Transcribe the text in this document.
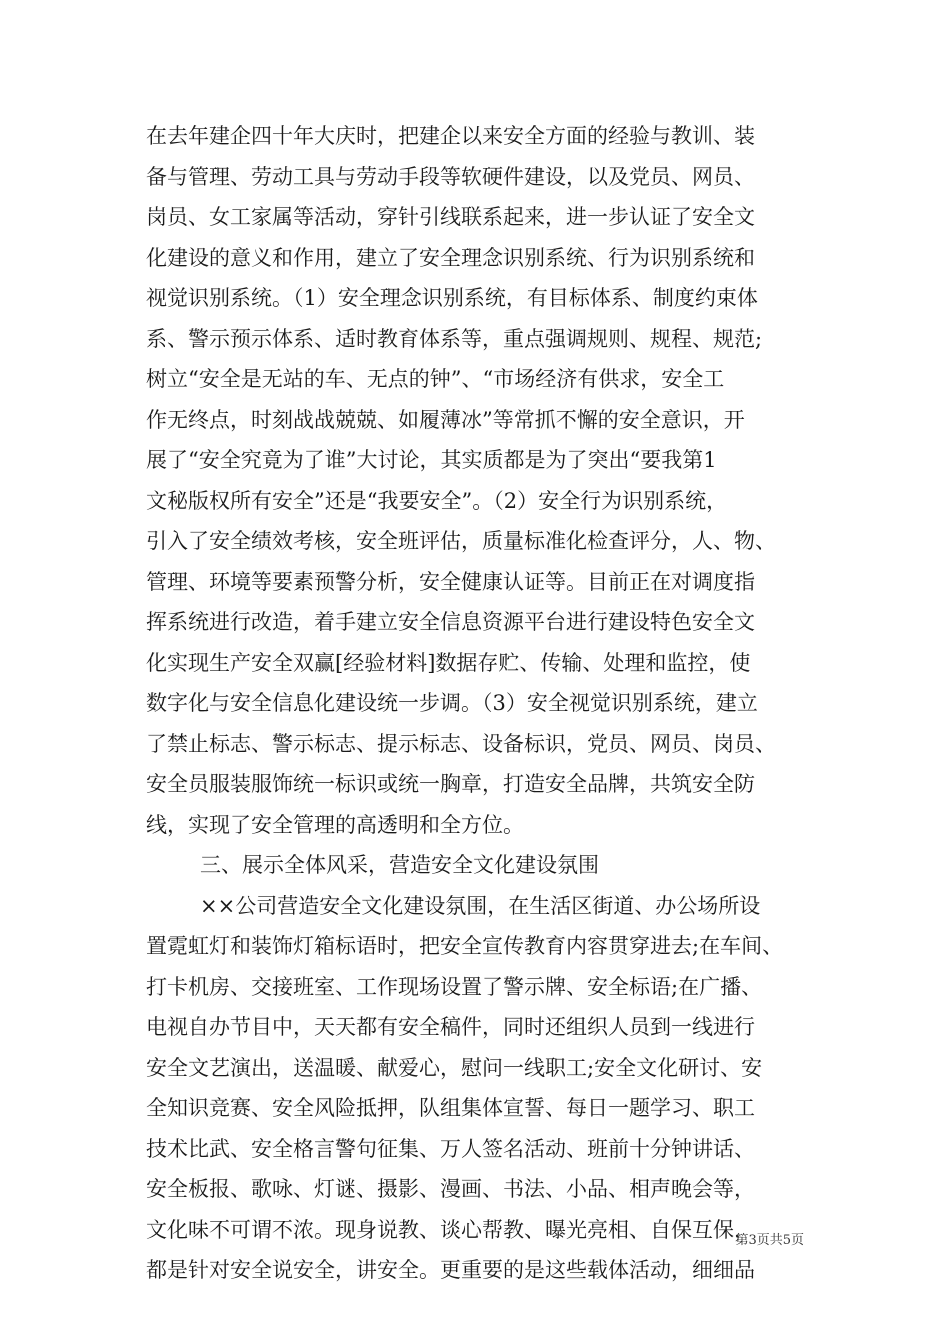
在去年建企四十年大庆时，把建企以来安全方面的经验与教训、装
备与管理、劳动工具与劳动手段等软硬件建设，以及党员、网员、
岗员、女工家属等活动，穿针引线联系起来，进一步认证了安全文
化建设的意义和作用，建立了安全理念识别系统、行为识别系统和
视觉识别系统。（1）安全理念识别系统，有目标体系、制度约束体
系、警示预示体系、适时教育体系等，重点强调规则、规程、规范;
树立“安全是无站的车、无点的钟”、“市场经济有供求，安全工
作无终点，时刻战战兢兢、如履薄冰”等常抓不懈的安全意识，开
展了“安全究竟为了谁”大讨论，其实质都是为了突出“要我第1
文秘版权所有安全”还是“我要安全”。（2）安全行为识别系统，
引入了安全绩效考核，安全班评估，质量标准化检查评分，人、物、
管理、环境等要素预警分析，安全健康认证等。目前正在对调度指
挥系统进行改造，着手建立安全信息资源平台进行建设特色安全文
化实现生产安全双赢[经验材料]数据存贮、传输、处理和监控，使
数字化与安全信息化建设统一步调。（3）安全视觉识别系统，建立
了禁止标志、警示标志、提示标志、设备标识，党员、网员、岗员、
安全员服装服饰统一标识或统一胸章，打造安全品牌，共筑安全防
线，实现了安全管理的高透明和全方位。
三、展示全体风采，营造安全文化建设氛围
××公司营造安全文化建设氛围，在生活区街道、办公场所设
置霓虹灯和装饰灯箱标语时，把安全宣传教育内容贯穿进去;在车间、
打卡机房、交接班室、工作现场设置了警示牌、安全标语;在广播、
电视自办节目中，天天都有安全稿件，同时还组织人员到一线进行
安全文艺演出，送温暖、献爱心，慰问一线职工;安全文化研讨、安
全知识竞赛、安全风险抵押，队组集体宣誓、每日一题学习、职工
技术比武、安全格言警句征集、万人签名活动、班前十分钟讲话、
安全板报、歌咏、灯谜、摄影、漫画、书法、小品、相声晚会等，
文化味不可谓不浓。现身说教、谈心帮教、曝光亮相、自保互保，
都是针对安全说安全，讲安全。更重要的是这些载体活动，细细品
第3页共5页
